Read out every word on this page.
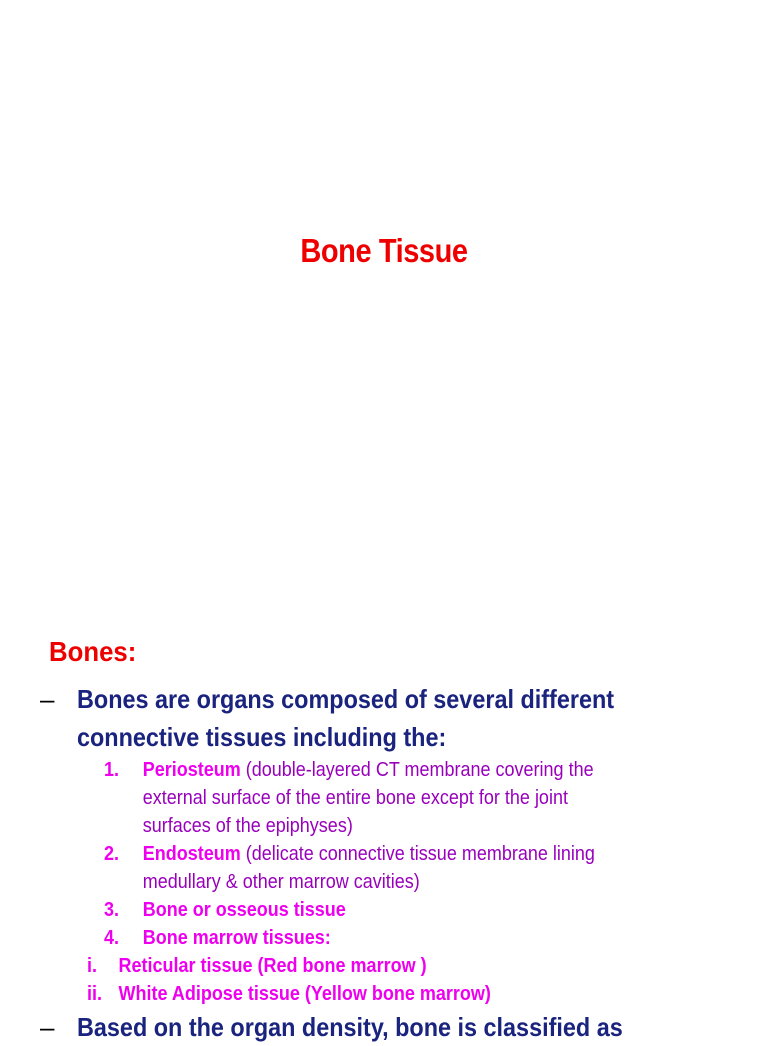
Bone Tissue
Bones:
– Bones are organs composed of several different
connective tissues including the:
1. Periosteum (double-layered CT membrane covering the
external surface of the entire bone except for the joint
surfaces of the epiphyses)
2. Endosteum (delicate connective tissue membrane lining
medullary & other marrow cavities)
3. Bone or osseous tissue
4. Bone marrow tissues:
i. Reticular tissue (Red bone marrow )
ii. White Adipose tissue (Yellow bone marrow)
– Based on the organ density, bone is classified as
